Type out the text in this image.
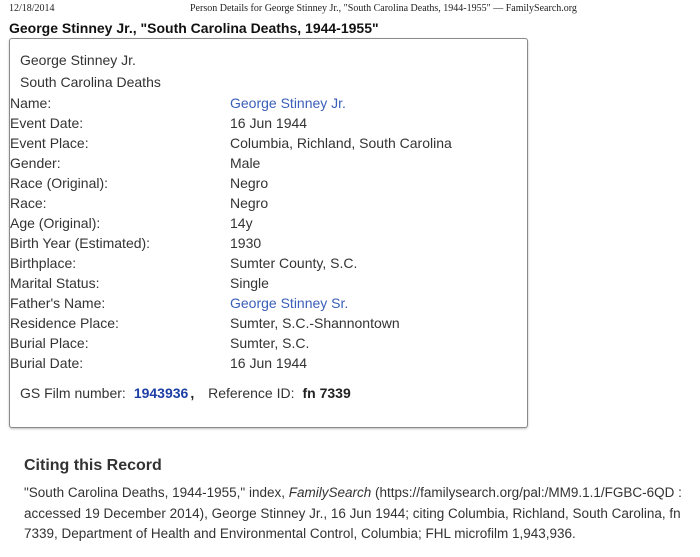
12/18/2014	Person Details for George Stinney Jr., "South Carolina Deaths, 1944-1955" — FamilySearch.org
George Stinney Jr., "South Carolina Deaths, 1944-1955"
George Stinney Jr.
South Carolina Deaths
Name:	George Stinney Jr.
Event Date:	16 Jun 1944
Event Place:	Columbia, Richland, South Carolina
Gender:	Male
Race (Original):	Negro
Race:	Negro
Age (Original):	14y
Birth Year (Estimated):	1930
Birthplace:	Sumter County, S.C.
Marital Status:	Single
Father's Name:	George Stinney Sr.
Residence Place:	Sumter, S.C.-Shannontown
Burial Place:	Sumter, S.C.
Burial Date:	16 Jun 1944
GS Film number: 1943936 , Reference ID: fn 7339
Citing this Record

"South Carolina Deaths, 1944-1955," index, FamilySearch (https://familysearch.org/pal:/MM9.1.1/FGBC-6QD :
accessed 19 December 2014), George Stinney Jr., 16 Jun 1944; citing Columbia, Richland, South Carolina, fn
7339, Department of Health and Environmental Control, Columbia; FHL microfilm 1,943,936.
